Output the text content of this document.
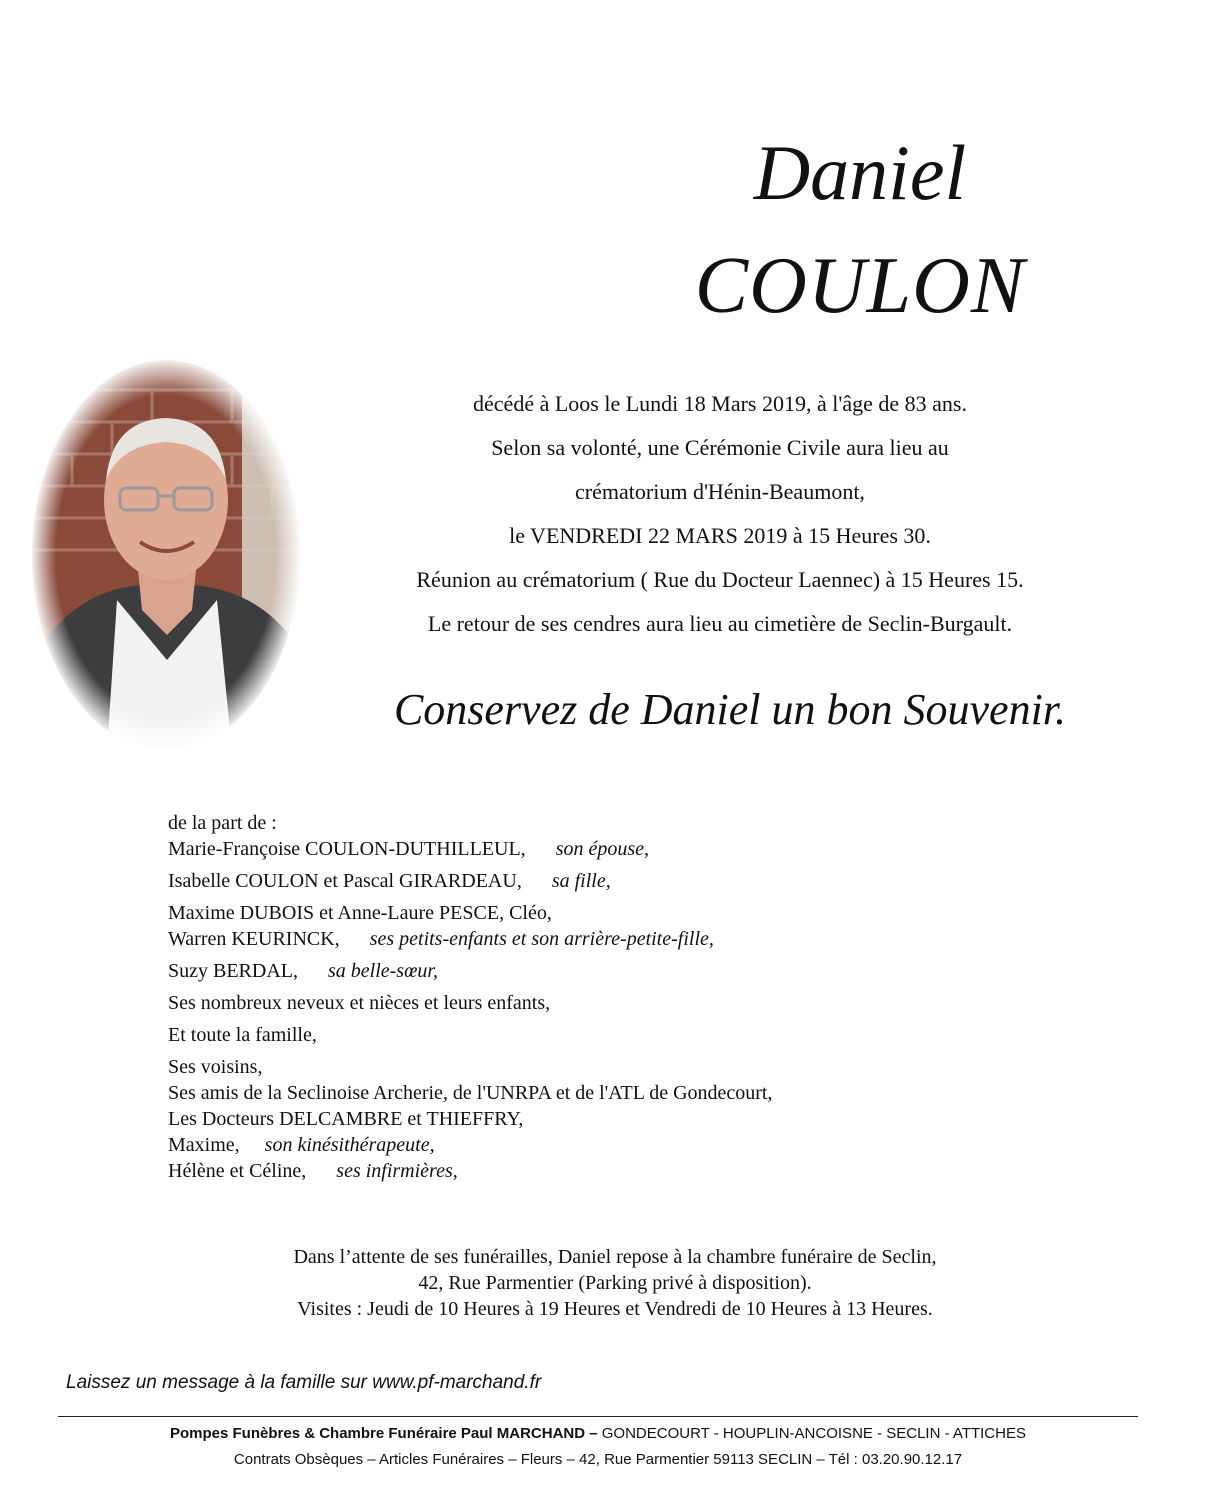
Daniel
COULON
décédé à Loos le Lundi 18 Mars 2019, à l'âge de 83 ans.
Selon sa volonté, une Cérémonie Civile aura lieu au
crématorium d'Hénin-Beaumont,
le VENDREDI 22 MARS 2019 à 15 Heures 30.
Réunion au crématorium ( Rue du Docteur Laennec) à 15 Heures 15.
Le retour de ses cendres aura lieu au cimetière de Seclin-Burgault.
Conservez de Daniel un bon Souvenir.
de la part de :
Marie-Françoise COULON-DUTHILLEUL, son épouse,
Isabelle COULON et Pascal GIRARDEAU, sa fille,
Maxime DUBOIS et Anne-Laure PESCE, Cléo,
Warren KEURINCK, ses petits-enfants et son arrière-petite-fille,
Suzy BERDAL, sa belle-sœur,
Ses nombreux neveux et nièces et leurs enfants,
Et toute la famille,
Ses voisins,
Ses amis de la Seclinoise Archerie, de l'UNRPA et de l'ATL de Gondecourt,
Les Docteurs DELCAMBRE et THIEFFRY,
Maxime, son kinésithérapeute,
Hélène et Céline, ses infirmières,
Dans l’attente de ses funérailles, Daniel repose à la chambre funéraire de Seclin,
42, Rue Parmentier (Parking privé à disposition).
Visites : Jeudi de 10 Heures à 19 Heures et Vendredi de 10 Heures à 13 Heures.
Laissez un message à la famille sur www.pf-marchand.fr
Pompes Funèbres & Chambre Funéraire Paul MARCHAND – GONDECOURT - HOUPLIN-ANCOISNE - SECLIN - ATTICHES
Contrats Obsèques – Articles Funéraires – Fleurs – 42, Rue Parmentier 59113 SECLIN – Tél : 03.20.90.12.17
